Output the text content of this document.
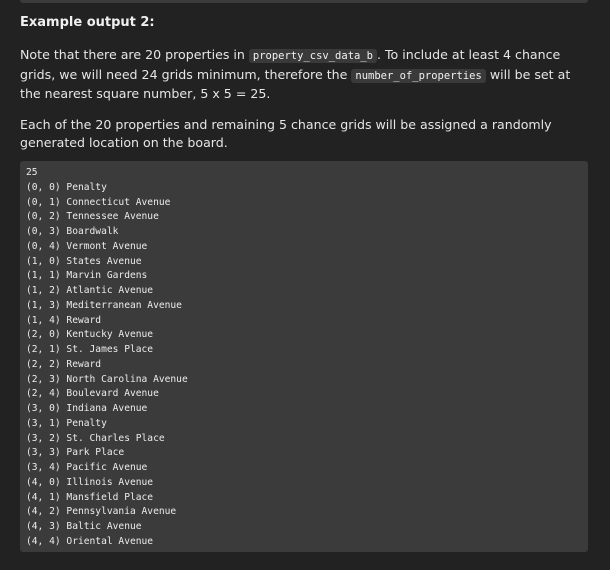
Example output 2:

Note that there are 20 properties in property_csv_data_b . To include at least 4 chance grids, we will need 24 grids minimum, therefore the number_of_properties will be set at the nearest square number, 5 x 5 = 25.

Each of the 20 properties and remaining 5 chance grids will be assigned a randomly generated location on the board.

25
(0, 0) Penalty
(0, 1) Connecticut Avenue
(0, 2) Tennessee Avenue
(0, 3) Boardwalk
(0, 4) Vermont Avenue
(1, 0) States Avenue
(1, 1) Marvin Gardens
(1, 2) Atlantic Avenue
(1, 3) Mediterranean Avenue
(1, 4) Reward
(2, 0) Kentucky Avenue
(2, 1) St. James Place
(2, 2) Reward
(2, 3) North Carolina Avenue
(2, 4) Boulevard Avenue
(3, 0) Indiana Avenue
(3, 1) Penalty
(3, 2) St. Charles Place
(3, 3) Park Place
(3, 4) Pacific Avenue
(4, 0) Illinois Avenue
(4, 1) Mansfield Place
(4, 2) Pennsylvania Avenue
(4, 3) Baltic Avenue
(4, 4) Oriental Avenue
